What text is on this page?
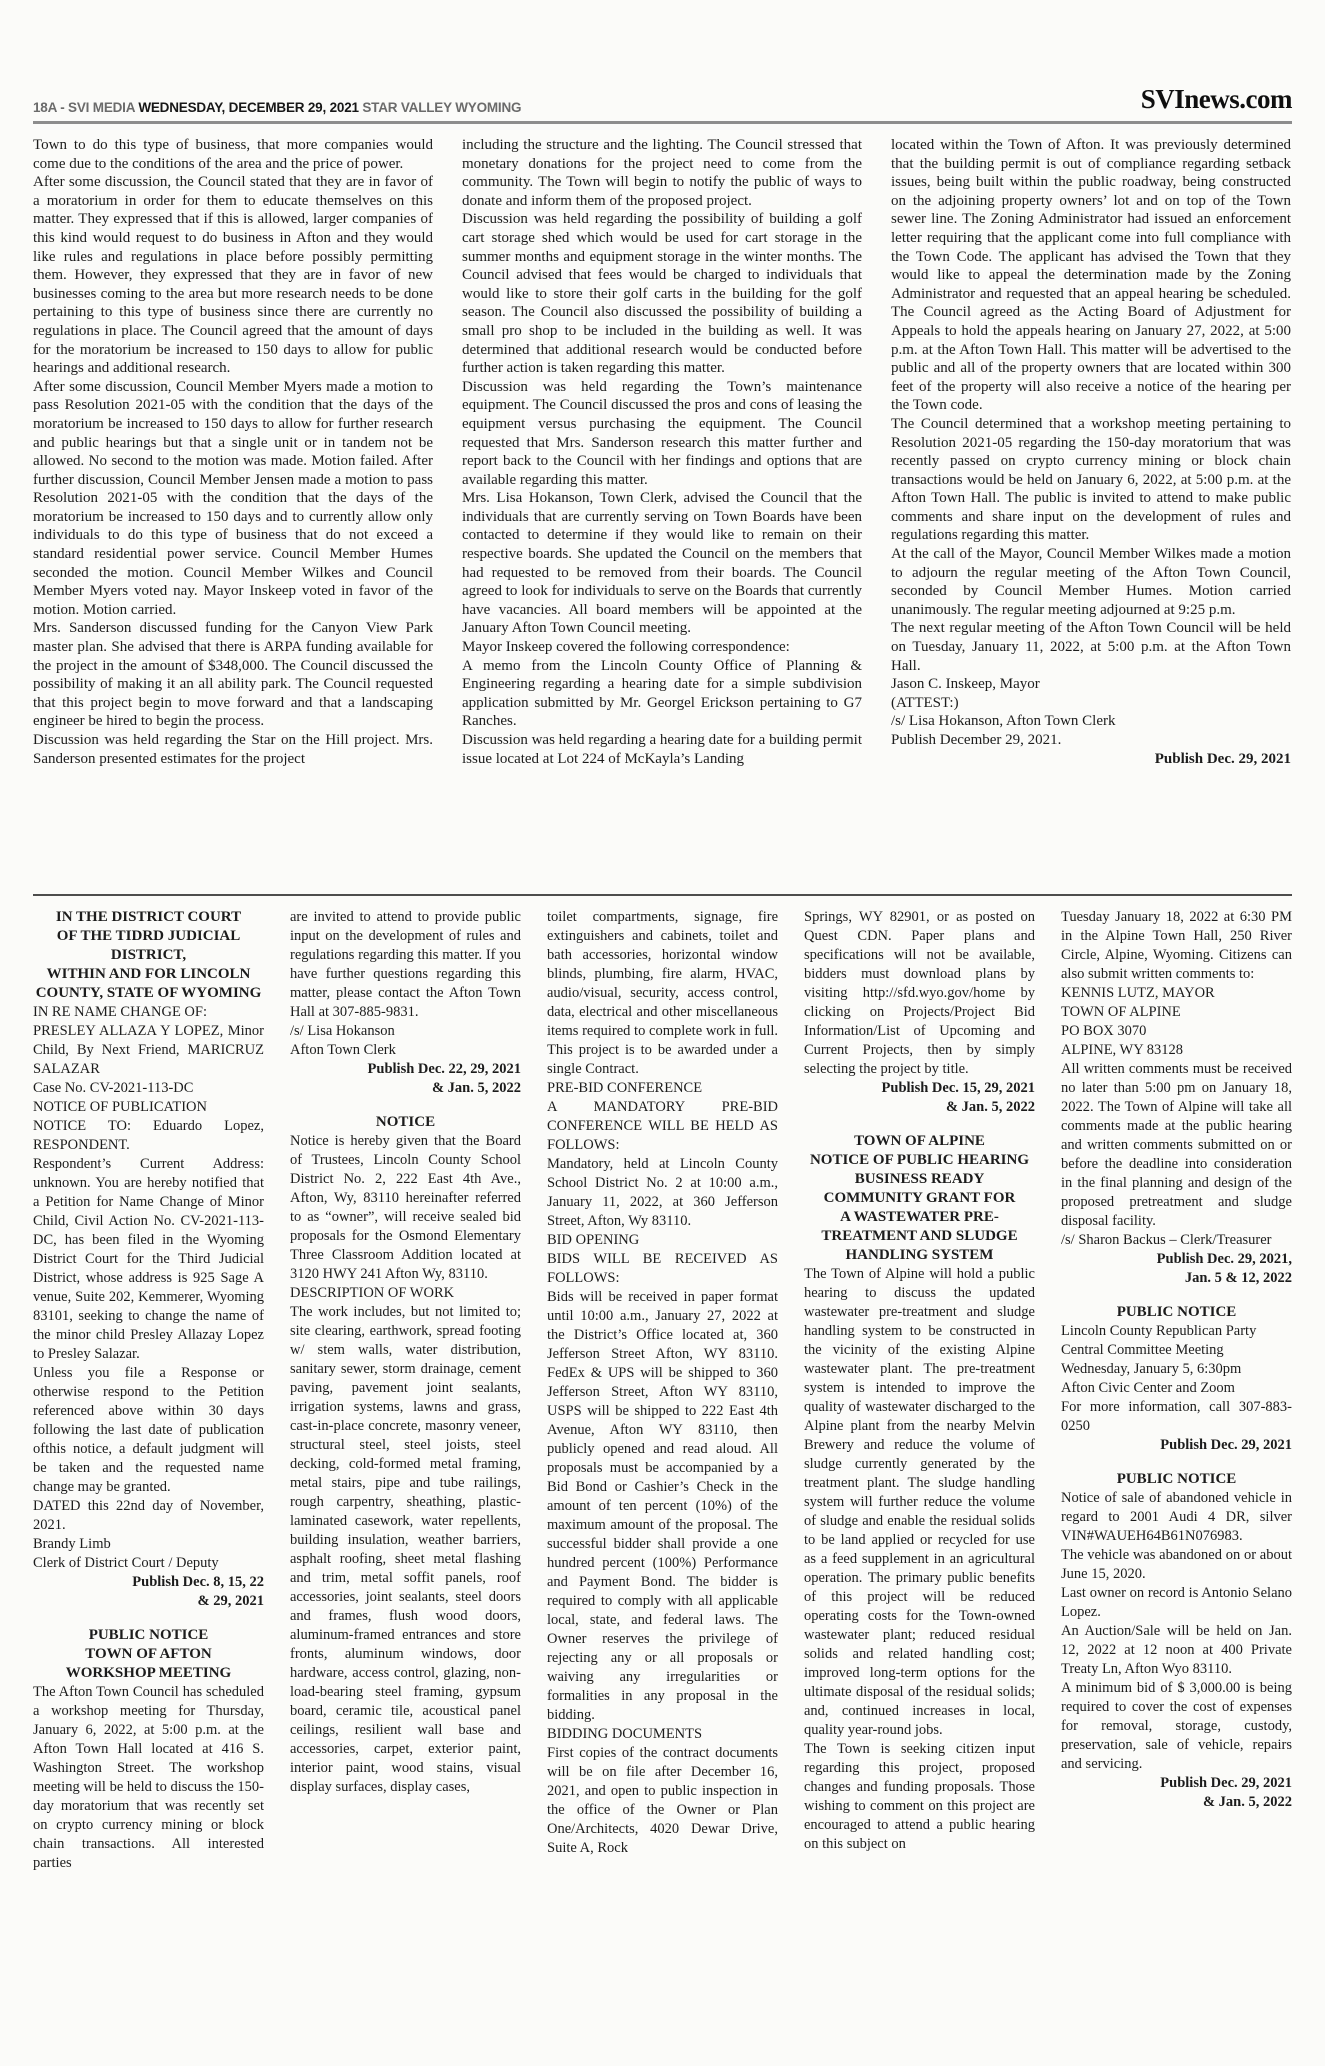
18A - SVI MEDIA WEDNESDAY, DECEMBER 29, 2021 STAR VALLEY WYOMING	SVInews.com

Town to do this type of business, that more companies would come due to the conditions of the area and the price of power.

After some discussion, the Council stated that they are in favor of a moratorium in order for them to educate themselves on this matter. They expressed that if this is allowed, larger companies of this kind would request to do business in Afton and they would like rules and regulations in place before possibly permitting them. However, they expressed that they are in favor of new businesses coming to the area but more research needs to be done pertaining to this type of business since there are currently no regulations in place. The Council agreed that the amount of days for the moratorium be increased to 150 days to allow for public hearings and additional research.

After some discussion, Council Member Myers made a motion to pass Resolution 2021-05 with the condition that the days of the moratorium be increased to 150 days to allow for further research and public hearings but that a single unit or in tandem not be allowed. No second to the motion was made. Motion failed. After further discussion, Council Member Jensen made a motion to pass Resolution 2021-05 with the condition that the days of the moratorium be increased to 150 days and to currently allow only individuals to do this type of business that do not exceed a standard residential power service. Council Member Humes seconded the motion. Council Member Wilkes and Council Member Myers voted nay. Mayor Inskeep voted in favor of the motion. Motion carried.

Mrs. Sanderson discussed funding for the Canyon View Park master plan. She advised that there is ARPA funding available for the project in the amount of $348,000. The Council discussed the possibility of making it an all ability park. The Council requested that this project begin to move forward and that a landscaping engineer be hired to begin the process.

Discussion was held regarding the Star on the Hill project. Mrs. Sanderson presented estimates for the project

including the structure and the lighting. The Council stressed that monetary donations for the project need to come from the community. The Town will begin to notify the public of ways to donate and inform them of the proposed project.

Discussion was held regarding the possibility of building a golf cart storage shed which would be used for cart storage in the summer months and equipment storage in the winter months. The Council advised that fees would be charged to individuals that would like to store their golf carts in the building for the golf season. The Council also discussed the possibility of building a small pro shop to be included in the building as well. It was determined that additional research would be conducted before further action is taken regarding this matter.

Discussion was held regarding the Town’s maintenance equipment. The Council discussed the pros and cons of leasing the equipment versus purchasing the equipment. The Council requested that Mrs. Sanderson research this matter further and report back to the Council with her findings and options that are available regarding this matter.

Mrs. Lisa Hokanson, Town Clerk, advised the Council that the individuals that are currently serving on Town Boards have been contacted to determine if they would like to remain on their respective boards. She updated the Council on the members that had requested to be removed from their boards. The Council agreed to look for individuals to serve on the Boards that currently have vacancies. All board members will be appointed at the January Afton Town Council meeting.

Mayor Inskeep covered the following correspondence:

A memo from the Lincoln County Office of Planning & Engineering regarding a hearing date for a simple subdivision application submitted by Mr. Georgel Erickson pertaining to G7 Ranches.

Discussion was held regarding a hearing date for a building permit issue located at Lot 224 of McKayla’s Landing

located within the Town of Afton. It was previously determined that the building permit is out of compliance regarding setback issues, being built within the public roadway, being constructed on the adjoining property owners’ lot and on top of the Town sewer line. The Zoning Administrator had issued an enforcement letter requiring that the applicant come into full compliance with the Town Code. The applicant has advised the Town that they would like to appeal the determination made by the Zoning Administrator and requested that an appeal hearing be scheduled. The Council agreed as the Acting Board of Adjustment for Appeals to hold the appeals hearing on January 27, 2022, at 5:00 p.m. at the Afton Town Hall. This matter will be advertised to the public and all of the property owners that are located within 300 feet of the property will also receive a notice of the hearing per the Town code.

The Council determined that a workshop meeting pertaining to Resolution 2021-05 regarding the 150-day moratorium that was recently passed on crypto currency mining or block chain transactions would be held on January 6, 2022, at 5:00 p.m. at the Afton Town Hall. The public is invited to attend to make public comments and share input on the development of rules and regulations regarding this matter.

At the call of the Mayor, Council Member Wilkes made a motion to adjourn the regular meeting of the Afton Town Council, seconded by Council Member Humes. Motion carried unanimously. The regular meeting adjourned at 9:25 p.m.

The next regular meeting of the Afton Town Council will be held on Tuesday, January 11, 2022, at 5:00 p.m. at the Afton Town Hall.

Jason C. Inskeep, Mayor

(ATTEST:)

/s/ Lisa Hokanson, Afton Town Clerk

Publish December 29, 2021.

Publish Dec. 29, 2021

IN THE DISTRICT COURT

OF THE TIDRD JUDICIAL

DISTRICT,

WITHIN AND FOR LINCOLN

COUNTY, STATE OF WYOMING

IN RE NAME CHANGE OF:

PRESLEY ALLAZA Y LOPEZ, Minor Child, By Next Friend, MARICRUZ SALAZAR

Case No. CV-2021-113-DC

NOTICE OF PUBLICATION

NOTICE TO: Eduardo Lopez, RESPONDENT.

Respondent’s Current Address: unknown. You are hereby notified that a Petition for Name Change of Minor Child, Civil Action No. CV-2021-113-DC, has been filed in the Wyoming District Court for the Third Judicial District, whose address is 925 Sage A venue, Suite 202, Kemmerer, Wyoming 83101, seeking to change the name of the minor child Presley Allazay Lopez to Presley Salazar.

Unless you file a Response or otherwise respond to the Petition referenced above within 30 days following the last date of publication ofthis notice, a default judgment will be taken and the requested name change may be granted.

DATED this 22nd day of November, 2021.

Brandy Limb

Clerk of District Court / Deputy

Publish Dec. 8, 15, 22

& 29, 2021

PUBLIC NOTICE

TOWN OF AFTON

WORKSHOP MEETING

The Afton Town Council has scheduled a workshop meeting for Thursday, January 6, 2022, at 5:00 p.m. at the Afton Town Hall located at 416 S. Washington Street. The workshop meeting will be held to discuss the 150-day moratorium that was recently set on crypto currency mining or block chain transactions. All interested parties

are invited to attend to provide public input on the development of rules and regulations regarding this matter. If you have further questions regarding this matter, please contact the Afton Town Hall at 307-885-9831.

/s/ Lisa Hokanson

Afton Town Clerk

Publish Dec. 22, 29, 2021

& Jan. 5, 2022

NOTICE

Notice is hereby given that the Board of Trustees, Lincoln County School District No. 2, 222 East 4th Ave., Afton, Wy, 83110 hereinafter referred to as “owner”, will receive sealed bid proposals for the Osmond Elementary Three Classroom Addition located at 3120 HWY 241 Afton Wy, 83110.

DESCRIPTION OF WORK

The work includes, but not limited to; site clearing, earthwork, spread footing w/ stem walls, water distribution, sanitary sewer, storm drainage, cement paving, pavement joint sealants, irrigation systems, lawns and grass, cast-in-place concrete, masonry veneer, structural steel, steel joists, steel decking, cold-formed metal framing, metal stairs, pipe and tube railings, rough carpentry, sheathing, plastic-laminated casework, water repellents, building insulation, weather barriers, asphalt roofing, sheet metal flashing and trim, metal soffit panels, roof accessories, joint sealants, steel doors and frames, flush wood doors, aluminum-framed entrances and store fronts, aluminum windows, door hardware, access control, glazing, non-load-bearing steel framing, gypsum board, ceramic tile, acoustical panel ceilings, resilient wall base and accessories, carpet, exterior paint, interior paint, wood stains, visual display surfaces, display cases,

toilet compartments, signage, fire extinguishers and cabinets, toilet and bath accessories, horizontal window blinds, plumbing, fire alarm, HVAC, audio/visual, security, access control, data, electrical and other miscellaneous items required to complete work in full. This project is to be awarded under a single Contract.

PRE-BID CONFERENCE

A MANDATORY PRE-BID CONFERENCE WILL BE HELD AS FOLLOWS:

Mandatory, held at Lincoln County School District No. 2 at 10:00 a.m., January 11, 2022, at 360 Jefferson Street, Afton, Wy 83110.

BID OPENING

BIDS WILL BE RECEIVED AS FOLLOWS:

Bids will be received in paper format until 10:00 a.m., January 27, 2022 at the District’s Office located at, 360 Jefferson Street Afton, WY 83110. FedEx & UPS will be shipped to 360 Jefferson Street, Afton WY 83110, USPS will be shipped to 222 East 4th Avenue, Afton WY 83110, then publicly opened and read aloud. All proposals must be accompanied by a Bid Bond or Cashier’s Check in the amount of ten percent (10%) of the maximum amount of the proposal. The successful bidder shall provide a one hundred percent (100%) Performance and Payment Bond. The bidder is required to comply with all applicable local, state, and federal laws. The Owner reserves the privilege of rejecting any or all proposals or waiving any irregularities or formalities in any proposal in the bidding.

BIDDING DOCUMENTS

First copies of the contract documents will be on file after December 16, 2021, and open to public inspection in the office of the Owner or Plan One/Architects, 4020 Dewar Drive, Suite A, Rock

Springs, WY 82901, or as posted on Quest CDN. Paper plans and specifications will not be available, bidders must download plans by visiting http://sfd.wyo.gov/home by clicking on Projects/Project Bid Information/List of Upcoming and Current Projects, then by simply selecting the project by title.

Publish Dec. 15, 29, 2021

& Jan. 5, 2022

TOWN OF ALPINE

NOTICE OF PUBLIC HEARING

BUSINESS READY

COMMUNITY GRANT FOR

A WASTEWATER PRE-

TREATMENT AND SLUDGE

HANDLING SYSTEM

The Town of Alpine will hold a public hearing to discuss the updated wastewater pre-treatment and sludge handling system to be constructed in the vicinity of the existing Alpine wastewater plant. The pre-treatment system is intended to improve the quality of wastewater discharged to the Alpine plant from the nearby Melvin Brewery and reduce the volume of sludge currently generated by the treatment plant. The sludge handling system will further reduce the volume of sludge and enable the residual solids to be land applied or recycled for use as a feed supplement in an agricultural operation. The primary public benefits of this project will be reduced operating costs for the Town-owned wastewater plant; reduced residual solids and related handling cost; improved long-term options for the ultimate disposal of the residual solids; and, continued increases in local, quality year-round jobs.

The Town is seeking citizen input regarding this project, proposed changes and funding proposals. Those wishing to comment on this project are encouraged to attend a public hearing on this subject on

Tuesday January 18, 2022 at 6:30 PM in the Alpine Town Hall, 250 River Circle, Alpine, Wyoming. Citizens can also submit written comments to:

KENNIS LUTZ, MAYOR

TOWN OF ALPINE

PO BOX 3070

ALPINE, WY 83128

All written comments must be received no later than 5:00 pm on January 18, 2022. The Town of Alpine will take all comments made at the public hearing and written comments submitted on or before the deadline into consideration in the final planning and design of the proposed pretreatment and sludge disposal facility.

/s/ Sharon Backus – Clerk/Treasurer

Publish Dec. 29, 2021,

Jan. 5 & 12, 2022

PUBLIC NOTICE

Lincoln County Republican Party

Central Committee Meeting

Wednesday, January 5, 6:30pm

Afton Civic Center and Zoom

For more information, call 307-883-0250

Publish Dec. 29, 2021

PUBLIC NOTICE

Notice of sale of abandoned vehicle in regard to 2001 Audi 4 DR, silver VIN#WAUEH64B61N076983.

The vehicle was abandoned on or about June 15, 2020.

Last owner on record is Antonio Selano Lopez.

An Auction/Sale will be held on Jan. 12, 2022 at 12 noon at 400 Private Treaty Ln, Afton Wyo 83110.

A minimum bid of $ 3,000.00 is being required to cover the cost of expenses for removal, storage, custody, preservation, sale of vehicle, repairs and servicing.

Publish Dec. 29, 2021

& Jan. 5, 2022
